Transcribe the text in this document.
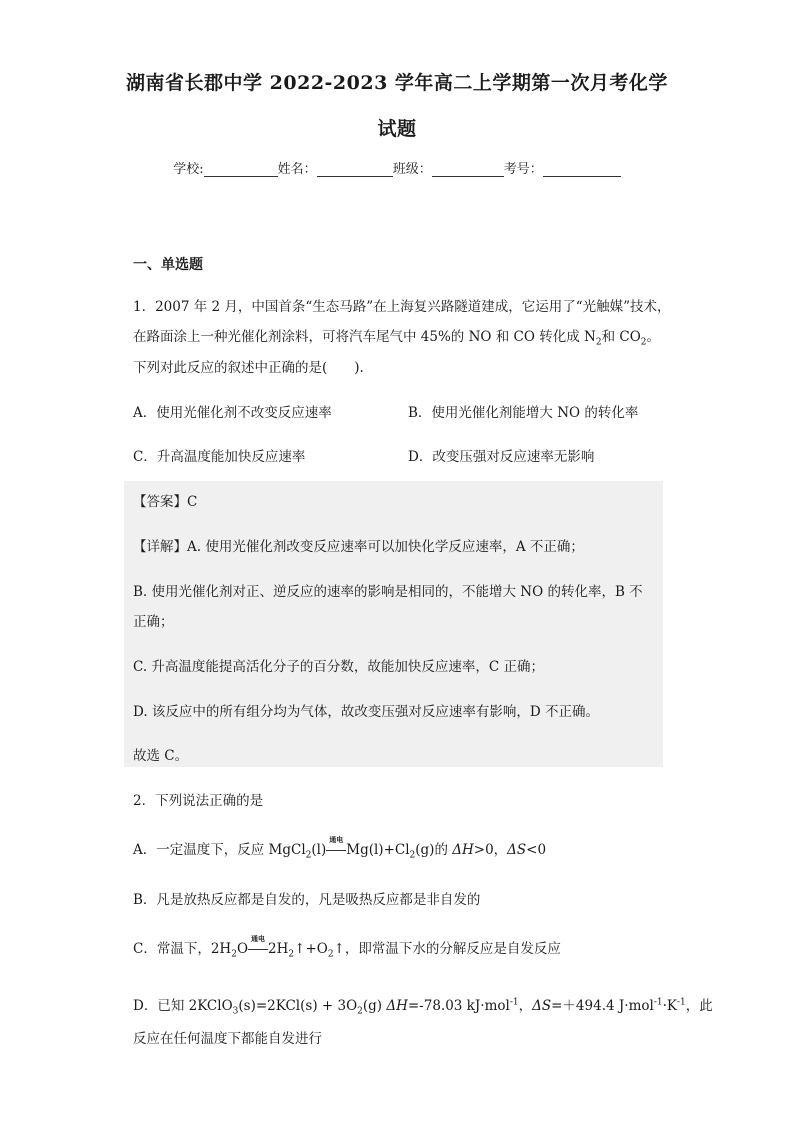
湖南省长郡中学 2022-2023 学年高二上学期第一次月考化学
试题
学校:	姓名：	班级：	考号：
一、单选题
1．2007 年 2 月，中国首条“生态马路”在上海复兴路隧道建成，它运用了“光触媒”技术，
在路面涂上一种光催化剂涂料，可将汽车尾气中 45%的 NO 和 CO 转化成 $N_2$和 $CO_2$。
下列对此反应的叙述中正确的是(　　).
A．使用光催化剂不改变反应速率	B．使用光催化剂能增大 NO 的转化率
C．升高温度能加快反应速率	D．改变压强对反应速率无影响
【答案】C
【详解】A. 使用光催化剂改变反应速率可以加快化学反应速率，A 不正确；
B. 使用光催化剂对正、逆反应的速率的影响是相同的，不能增大 NO 的转化率，B 不
正确；
C. 升高温度能提高活化分子的百分数，故能加快反应速率，C 正确；
D. 该反应中的所有组分均为气体，故改变压强对反应速率有影响，D 不正确。
故选 C。
2．下列说法正确的是
A．一定温度下，反应 MgCl$_2$(l)
通电
$Mg(l)+Cl_2(g)$的 ΔH>0，ΔS<0
B．凡是放热反应都是自发的，凡是吸热反应都是非自发的
C．常温下，$2H_2O$
通电
$2H_2↑+O_2↑$，即常温下水的分解反应是自发反应
D．已知 2KClO$_3$(s)=2KCl(s) + $3O_2(g)$ ΔH=-78.03 kJ·mol$^{-1}$，ΔS=＋494.4 $J\cdot mol^{-1}\cdot K^{-1}$，此
反应在任何温度下都能自发进行
